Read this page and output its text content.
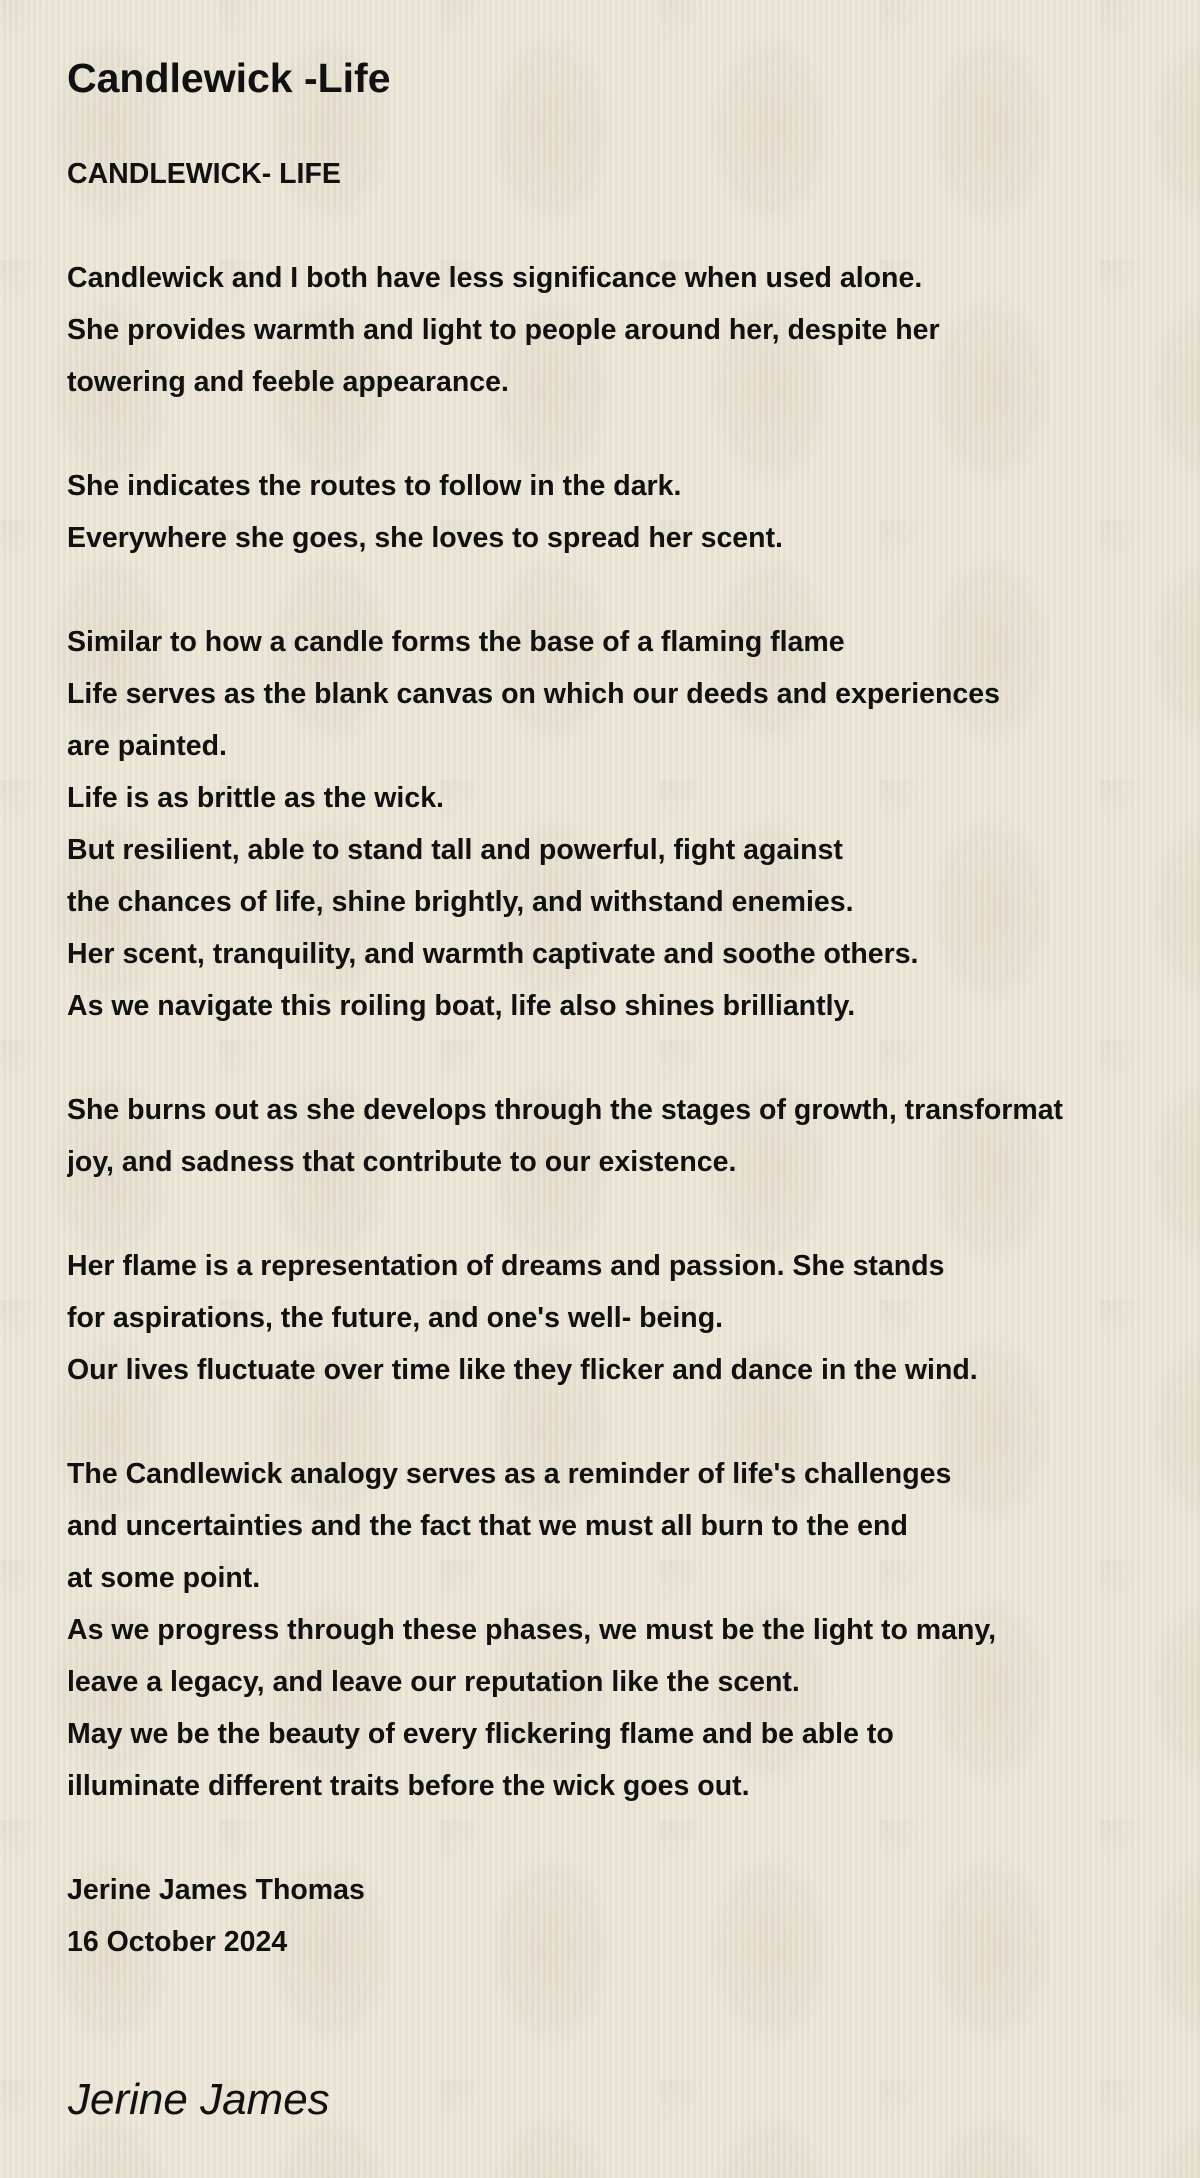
Candlewick -Life
CANDLEWICK- LIFE
Candlewick and I both have less significance when used alone.
She provides warmth and light to people around her, despite her
towering and feeble appearance.
She indicates the routes to follow in the dark.
Everywhere she goes, she loves to spread her scent.
Similar to how a candle forms the base of a flaming flame
Life serves as the blank canvas on which our deeds and experiences
are painted.
Life is as brittle as the wick.
But resilient, able to stand tall and powerful, fight against
the chances of life, shine brightly, and withstand enemies.
Her scent, tranquility, and warmth captivate and soothe others.
As we navigate this roiling boat, life also shines brilliantly.
She burns out as she develops through the stages of growth, transformat
joy, and sadness that contribute to our existence.
Her flame is a representation of dreams and passion. She stands
for aspirations, the future, and one's well- being.
Our lives fluctuate over time like they flicker and dance in the wind.
The Candlewick analogy serves as a reminder of life's challenges
and uncertainties and the fact that we must all burn to the end
at some point.
As we progress through these phases, we must be the light to many,
leave a legacy, and leave our reputation like the scent.
May we be the beauty of every flickering flame and be able to
illuminate different traits before the wick goes out.
Jerine James Thomas
16 October 2024
Jerine James
